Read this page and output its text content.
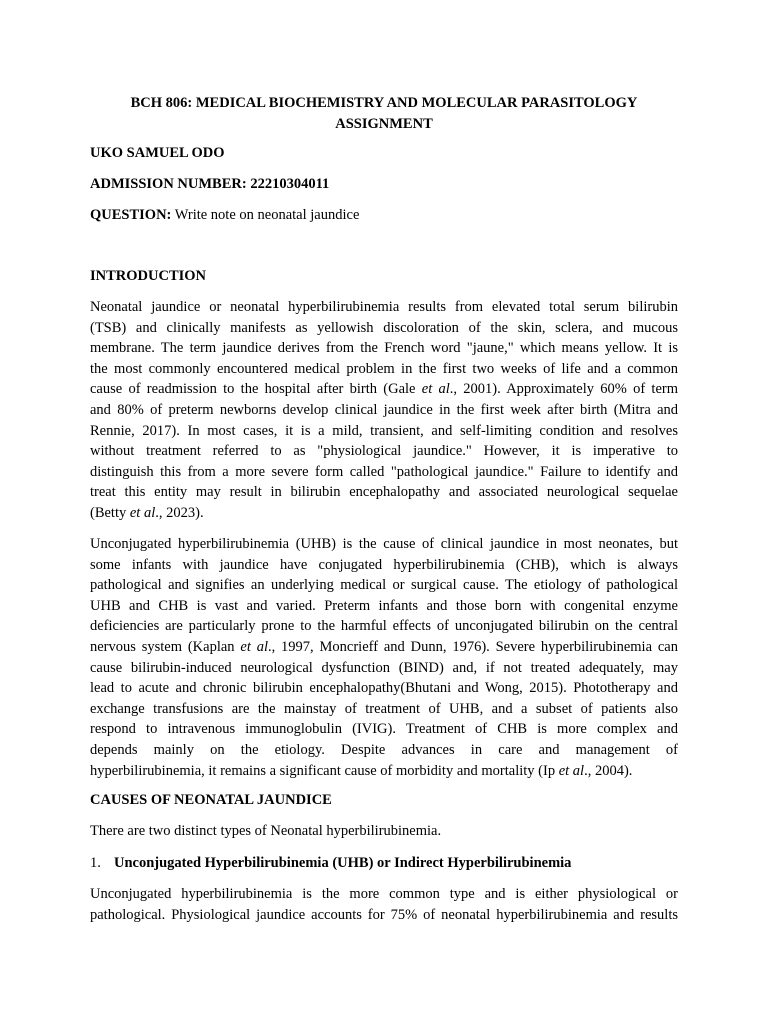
BCH 806: MEDICAL BIOCHEMISTRY AND MOLECULAR PARASITOLOGY
ASSIGNMENT
UKO SAMUEL ODO
ADMISSION NUMBER: 22210304011
QUESTION: Write note on neonatal jaundice
INTRODUCTION
Neonatal jaundice or neonatal hyperbilirubinemia results from elevated total serum bilirubin
(TSB) and clinically manifests as yellowish discoloration of the skin, sclera, and mucous
membrane. The term jaundice derives from the French word "jaune," which means yellow. It is
the most commonly encountered medical problem in the first two weeks of life and a common
cause of readmission to the hospital after birth (Gale et al., 2001). Approximately 60% of term
and 80% of preterm newborns develop clinical jaundice in the first week after birth (Mitra and
Rennie, 2017). In most cases, it is a mild, transient, and self-limiting condition and resolves
without treatment referred to as "physiological jaundice." However, it is imperative to
distinguish this from a more severe form called "pathological jaundice." Failure to identify and
treat this entity may result in bilirubin encephalopathy and associated neurological sequelae
(Betty et al., 2023).
Unconjugated hyperbilirubinemia (UHB) is the cause of clinical jaundice in most neonates, but
some infants with jaundice have conjugated hyperbilirubinemia (CHB), which is always
pathological and signifies an underlying medical or surgical cause. The etiology of pathological
UHB and CHB is vast and varied. Preterm infants and those born with congenital enzyme
deficiencies are particularly prone to the harmful effects of unconjugated bilirubin on the central
nervous system (Kaplan et al., 1997, Moncrieff and Dunn, 1976). Severe hyperbilirubinemia can
cause bilirubin-induced neurological dysfunction (BIND) and, if not treated adequately, may
lead to acute and chronic bilirubin encephalopathy(Bhutani and Wong, 2015). Phototherapy and
exchange transfusions are the mainstay of treatment of UHB, and a subset of patients also
respond to intravenous immunoglobulin (IVIG). Treatment of CHB is more complex and
depends mainly on the etiology. Despite advances in care and management of
hyperbilirubinemia, it remains a significant cause of morbidity and mortality (Ip et al., 2004).
CAUSES OF NEONATAL JAUNDICE
There are two distinct types of Neonatal hyperbilirubinemia.
1. Unconjugated Hyperbilirubinemia (UHB) or Indirect Hyperbilirubinemia
Unconjugated hyperbilirubinemia is the more common type and is either physiological or
pathological. Physiological jaundice accounts for 75% of neonatal hyperbilirubinemia and results
